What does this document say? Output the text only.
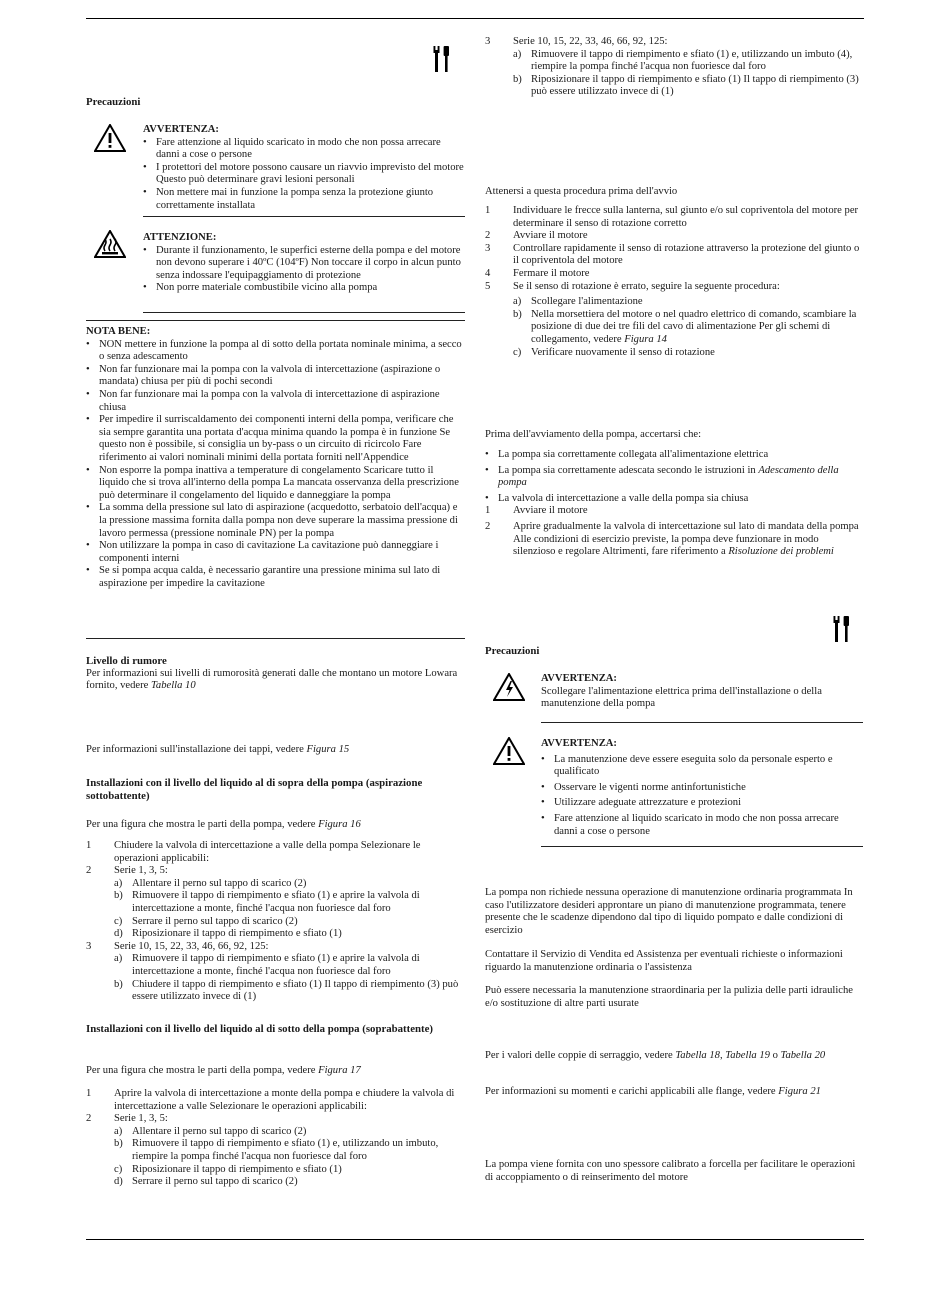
Precauzioni
AVVERTENZA:
• Fare attenzione al liquido scaricato in modo che non possa arrecare danni a cose o persone
• I protettori del motore possono causare un riavvio imprevisto del motore Questo può determinare gravi lesioni personali
• Non mettere mai in funzione la pompa senza la protezione giunto correttamente installata
ATTENZIONE:
• Durante il funzionamento, le superfici esterne della pompa e del motore non devono superare i 40ºC (104ºF) Non toccare il corpo in alcun punto senza indossare l'equipaggiamento di protezione
• Non porre materiale combustibile vicino alla pompa
NOTA BENE:
• NON mettere in funzione la pompa al di sotto della portata nominale minima, a secco o senza adescamento
• Non far funzionare mai la pompa con la valvola di intercettazione (aspirazione o mandata) chiusa per più di pochi secondi
• Non far funzionare mai la pompa con la valvola di intercettazione di aspirazione chiusa
• Per impedire il surriscaldamento dei componenti interni della pompa, verificare che sia sempre garantita una portata d'acqua minima quando la pompa è in funzione Se questo non è possibile, si consiglia un by-pass o un circuito di ricircolo Fare riferimento ai valori nominali minimi della portata forniti nell'Appendice
• Non esporre la pompa inattiva a temperature di congelamento Scaricare tutto il liquido che si trova all'interno della pompa La mancata osservanza della prescrizione può determinare il congelamento del liquido e danneggiare la pompa
• La somma della pressione sul lato di aspirazione (acquedotto, serbatoio dell'acqua) e la pressione massima fornita dalla pompa non deve superare la massima pressione di lavoro permessa (pressione nominale PN) per la pompa
• Non utilizzare la pompa in caso di cavitazione La cavitazione può danneggiare i componenti interni
• Se si pompa acqua calda, è necessario garantire una pressione minima sul lato di aspirazione per impedire la cavitazione
Livello di rumore

Per informazioni sui livelli di rumorosità generati dalle che montano un motore Lowara fornito, vedere Tabella 10

Per informazioni sull'installazione dei tappi, vedere Figura 15

Installazioni con il livello del liquido al di sopra della pompa (aspirazione sottobattente)

Per una figura che mostra le parti della pompa, vedere Figura 16

1	Chiudere la valvola di intercettazione a valle della pompa Selezionare le operazioni applicabili:
2	Serie 1, 3, 5:
a) Allentare il perno sul tappo di scarico (2)
b) Rimuovere il tappo di riempimento e sfiato (1) e aprire la valvola di intercettazione a monte, finché l'acqua non fuoriesce dal foro
c) Serrare il perno sul tappo di scarico (2)
d) Riposizionare il tappo di riempimento e sfiato (1)
3	Serie 10, 15, 22, 33, 46, 66, 92, 125:
a) Rimuovere il tappo di riempimento e sfiato (1) e aprire la valvola di intercettazione a monte, finché l'acqua non fuoriesce dal foro
b) Chiudere il tappo di riempimento e sfiato (1) Il tappo di riempimento (3) può essere utilizzato invece di (1)
Installazioni con il livello del liquido al di sotto della pompa (soprabattente)

Per una figura che mostra le parti della pompa, vedere Figura 17

1	Aprire la valvola di intercettazione a monte della pompa e chiudere la valvola di intercettazione a valle Selezionare le operazioni applicabili:
2	Serie 1, 3, 5:
a) Allentare il perno sul tappo di scarico (2)
b) Rimuovere il tappo di riempimento e sfiato (1) e, utilizzando un imbuto, riempire la pompa finché l'acqua non fuoriesce dal foro
c) Riposizionare il tappo di riempimento e sfiato (1)
d) Serrare il perno sul tappo di scarico (2)
3	Serie 10, 15, 22, 33, 46, 66, 92, 125:
a) Rimuovere il tappo di riempimento e sfiato (1) e, utilizzando un imbuto (4), riempire la pompa finché l'acqua non fuoriesce dal foro
b) Riposizionare il tappo di riempimento e sfiato (1) Il tappo di riempimento (3) può essere utilizzato invece di (1)

Attenersi a questa procedura prima dell'avvio

1	Individuare le frecce sulla lanterna, sul giunto e/o sul copriventola del motore per determinare il senso di rotazione corretto
2	Avviare il motore
3	Controllare rapidamente il senso di rotazione attraverso la protezione del giunto o il copriventola del motore
4	Fermare il motore
5	Se il senso di rotazione è errato, seguire la seguente procedura:
a) Scollegare l'alimentazione
b) Nella morsettiera del motore o nel quadro elettrico di comando, scambiare la posizione di due dei tre fili del cavo di alimentazione Per gli schemi di collegamento, vedere Figura 14
c) Verificare nuovamente il senso di rotazione

Prima dell'avviamento della pompa, accertarsi che:

• La pompa sia correttamente collegata all'alimentazione elettrica
• La pompa sia correttamente adescata secondo le istruzioni in Adescamento della pompa
• La valvola di intercettazione a valle della pompa sia chiusa
1	Avviare il motore
2	Aprire gradualmente la valvola di intercettazione sul lato di mandata della pompa
Alle condizioni di esercizio previste, la pompa deve funzionare in modo silenzioso e regolare Altrimenti, fare riferimento a Risoluzione dei problemi
Precauzioni
AVVERTENZA:

Scollegare l'alimentazione elettrica prima dell'installazione o della manutenzione della pompa

AVVERTENZA:
• La manutenzione deve essere eseguita solo da personale esperto e qualificato
• Osservare le vigenti norme antinfortunistiche
• Utilizzare adeguate attrezzature e protezioni
• Fare attenzione al liquido scaricato in modo che non possa arrecare danni a cose o persone

La pompa non richiede nessuna operazione di manutenzione ordinaria programmata In caso l'utilizzatore desideri approntare un piano di manutenzione programmata, tenere presente che le scadenze dipendono dal tipo di liquido pompato e dalle condizioni di esercizio

Contattare il Servizio di Vendita ed Assistenza per eventuali richieste o informazioni riguardo la manutenzione ordinaria o l'assistenza

Può essere necessaria la manutenzione straordinaria per la pulizia delle parti idrauliche e/o sostituzione di altre parti usurate

Per i valori delle coppie di serraggio, vedere Tabella 18, Tabella 19 o Tabella 20

Per informazioni su momenti e carichi applicabili alle flange, vedere Figura 21

La pompa viene fornita con uno spessore calibrato a forcella per facilitare le operazioni di accoppiamento o di reinserimento del motore
